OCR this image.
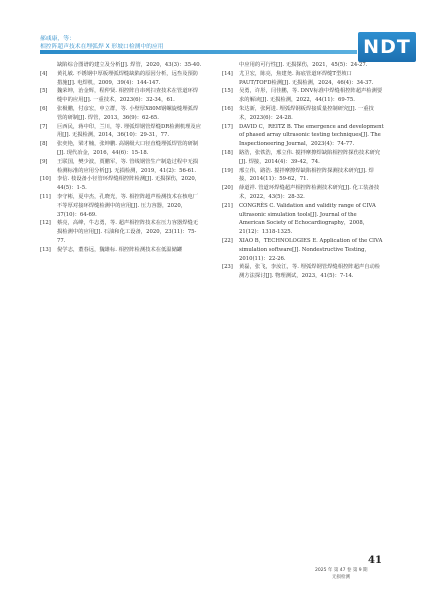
郝彧康，等：
相控阵超声技术在埋弧焊 X 形坡口检测中的应用	NDT

缺陷综合图谱的建立及分析[J]. 焊管，2020，43(3)：35-40.

[4] 黄礼敏. 不锈钢中厚板埋弧焊缝缺陷的原因分析，远叁及预防措施[J]. 电焊机，2009，39(4)：144-147.

[5] 魏荣坤，治金辉，程仲贤. 相控阵自串列扫查技术在管道环焊缝中的应用[J]. 一重技术，2023(6)：32-34，61.

[6] 张极鹏，付彦宏，申立群，等. 小壁厚X80M钢螺旋缝埋弧焊管的研制[J]. 焊管，2013，36(9)：62-65.

[7] 巨西民，蒋中印，兰川，等. 埋弧焊钢管焊缝DR检测机理及应用[J]. 无损检测，2014，36(10)：29-31，77.

[8] 张奕艳，梁才楠，张坤鹏. 高钢级大口径直缝埋弧焊管的研制[J]. 现代冶金，2016，44(6)：15-18.

[9] 王联国，樊少波，贾鹏军，等. 管线钢管生产制造过程中无损检测标准的应用分析[J]. 无损检测，2019，41(2)：56-61.

[10] 李信. 枝设备小径管环焊缝相控阵检测[J]. 无损探伤，2020，44(5)：1-5.

[11] 李守彬，夏中杰，孔晓光，等. 相控阵超声检测技术在核电厂不等厚对接环焊缝检测中的应用[J]. 压力容器，2020，37(10)：64-69.

[12] 蔡亮，高峰，牛志勇，等. 超声相控阵技术在压力容器焊缝无损检测中的应用[J]. 石油和化工设备，2020，23(11)：75-77.

[13] 倪学志，董春远，魏雄标. 相控阵检测技术在低温储罐

中应用的可行性[J]. 无损探伤，2021，45(5)：24-27.

[14] 尤卫宏，陈亮，焦建尧. 海底管道环焊缝T型坡口PAUT/TOFD检测[J]. 无损检测，2024，46(4)：34-37.

[15] 吴勇，许彤，闫佳鹏，等. DNV标准中焊缝相控阵超声检测要求的解读[J]. 无损检测，2022，44(11)：69-75.

[16] 朱达新，张阿进. 埋弧焊钢板焊接质量控制研究[J]. 一重技术，2023(6)：24-28.

[17] DAVID C，REITZ B. The emergence and development of phased array ultrasonic testing techniques[J]. The Inspectioneering Journal，2023(4)：74-77.

[18] 路浩，张铁浩，邢立伟. 搅拌摩擦焊缺陷相控阵探伤技术研究[J]. 焊接，2014(4)：39-42，74.

[19] 邢立伟，路浩. 搅拌摩擦焊缺陷相控阵探测技术研究[J]. 焊接，2014(11)：59-62，71.

[20] 薛道祥. 管道环焊缝超声相控阵检测技术研究[J]. 化工装备技术，2022，43(5)：28-32.

[21] CONGRÈS C. Validation and validity range of CIVA ultrasonic simulation tools[J]. Journal of the American Society of Echocardiography，2008，21(12)：1318-1325.

[22] XIAO B，TECHNOLOGIES E. Application of the CIVA simulation software[J]. Nondestructive Testing，2010(11)：22-26.

[23] 黄磊，张飞，李汝江，等. 埋弧焊钢管焊缝相控阵超声自动检测方法探讨[J]. 物理测试，2023，41(5)：7-14.

41
2025 年 第 47 卷 第 9 期
无损检测
